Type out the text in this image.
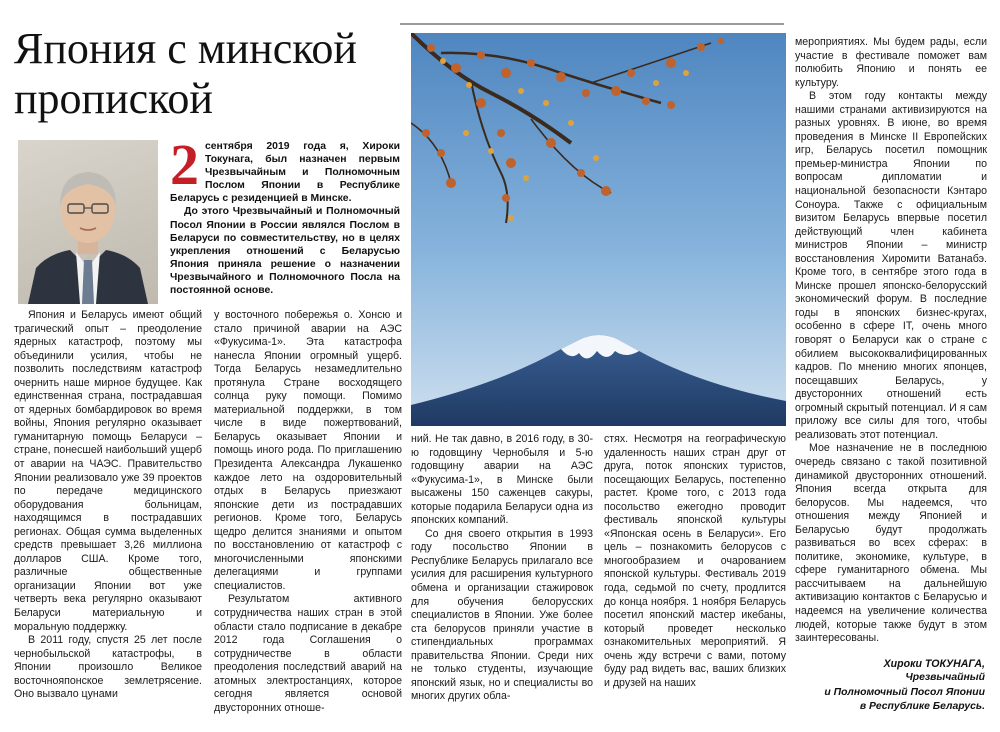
Япония с минской пропиской
2 сентября 2019 года я, Хироки Токунага, был назначен первым Чрезвычайным и Полномочным Послом Японии в Республике Беларусь с резиденцией в Минске.

До этого Чрезвычайный и Полномочный Посол Японии в России являлся Послом в Беларуси по совместительству, но в целях укрепления отношений с Беларусью Япония приняла решение о назначении Чрезвычайного и Полномочного Посла на постоянной основе.

Япония и Беларусь имеют общий трагический опыт – преодоление ядерных катастроф, поэтому мы объединили усилия, чтобы не позволить последствиям катастроф очернить наше мирное будущее. Как единственная страна, пострадавшая от ядерных бомбардировок во время войны, Япония регулярно оказывает гуманитарную помощь Беларуси – стране, понесшей наибольший ущерб от аварии на ЧАЭС. Правительство Японии реализовало уже 39 проектов по передаче медицинского оборудования больницам, находящимся в пострадавших регионах. Общая сумма выделенных средств превышает 3,26 миллиона долларов США. Кроме того, различные общественные организации Японии вот уже четверть века регулярно оказывают Беларуси материальную и моральную поддержку.

В 2011 году, спустя 25 лет после чернобыльской катастрофы, в Японии произошло Великое восточнояпонское землетрясение. Оно вызвало цунами

у восточного побережья о. Хонсю и стало причиной аварии на АЭС «Фукусима-1». Эта катастрофа нанесла Японии огромный ущерб. Тогда Беларусь незамедлительно протянула Стране восходящего солнца руку помощи. Помимо материальной поддержки, в том числе в виде пожертвований, Беларусь оказывает Японии и помощь иного рода. По приглашению Президента Александра Лукашенко каждое лето на оздоровительный отдых в Беларусь приезжают японские дети из пострадавших регионов. Кроме того, Беларусь щедро делится знаниями и опытом по восстановлению от катастроф с многочисленными японскими делегациями и группами специалистов.

Результатом активного сотрудничества наших стран в этой области стало подписание в декабре 2012 года Соглашения о сотрудничестве в области преодоления последствий аварий на атомных электростанциях, которое сегодня является основой двусторонних отноше-

ний. Не так давно, в 2016 году, в 30-ю годовщину Чернобыля и 5-ю годовщину аварии на АЭС «Фукусима-1», в Минске были высажены 150 саженцев сакуры, которые подарила Беларуси одна из японских компаний.

Со дня своего открытия в 1993 году посольство Японии в Республике Беларусь прилагало все усилия для расширения культурного обмена и организации стажировок для обучения белорусских специалистов в Японии. Уже более ста белорусов приняли участие в стипендиальных программах правительства Японии. Среди них не только студенты, изучающие японский язык, но и специалисты во многих других обла-

стях. Несмотря на географическую удаленность наших стран друг от друга, поток японских туристов, посещающих Беларусь, постепенно растет. Кроме того, с 2013 года посольство ежегодно проводит фестиваль японской культуры «Японская осень в Беларуси». Его цель – познакомить белорусов с многообразием и очарованием японской культуры. Фестиваль 2019 года, седьмой по счету, продлится до конца ноября. 1 ноября Беларусь посетил японский мастер икебаны, который проведет несколько ознакомительных мероприятий. Я очень жду встречи с вами, потому буду рад видеть вас, ваших близких и друзей на наших

мероприятиях. Мы будем рады, если участие в фестивале поможет вам полюбить Японию и понять ее культуру.

В этом году контакты между нашими странами активизируются на разных уровнях. В июне, во время проведения в Минске II Европейских игр, Беларусь посетил помощник премьер-министра Японии по вопросам дипломатии и национальной безопасности Кэнтаро Соноура. Также с официальным визитом Беларусь впервые посетил действующий член кабинета министров Японии – министр восстановления Хиромити Ватанабэ. Кроме того, в сентябре этого года в Минске прошел японско-белорусский экономический форум. В последние годы в японских бизнес-кругах, особенно в сфере IT, очень много говорят о Беларуси как о стране с обилием высококвалифицированных кадров. По мнению многих японцев, посещавших Беларусь, у двусторонних отношений есть огромный скрытый потенциал. И я сам приложу все силы для того, чтобы реализовать этот потенциал.

Мое назначение не в последнюю очередь связано с такой позитивной динамикой двусторонних отношений. Япония всегда открыта для белорусов. Мы надеемся, что отношения между Японией и Беларусью будут продолжать развиваться во всех сферах: в политике, экономике, культуре, в сфере гуманитарного обмена. Мы рассчитываем на дальнейшую активизацию контактов с Беларусью и надеемся на увеличение количества людей, которые также будут в этом заинтересованы.

Хироки ТОКУНАГА,
Чрезвычайный
и Полномочный Посол Японии
в Республике Беларусь.
